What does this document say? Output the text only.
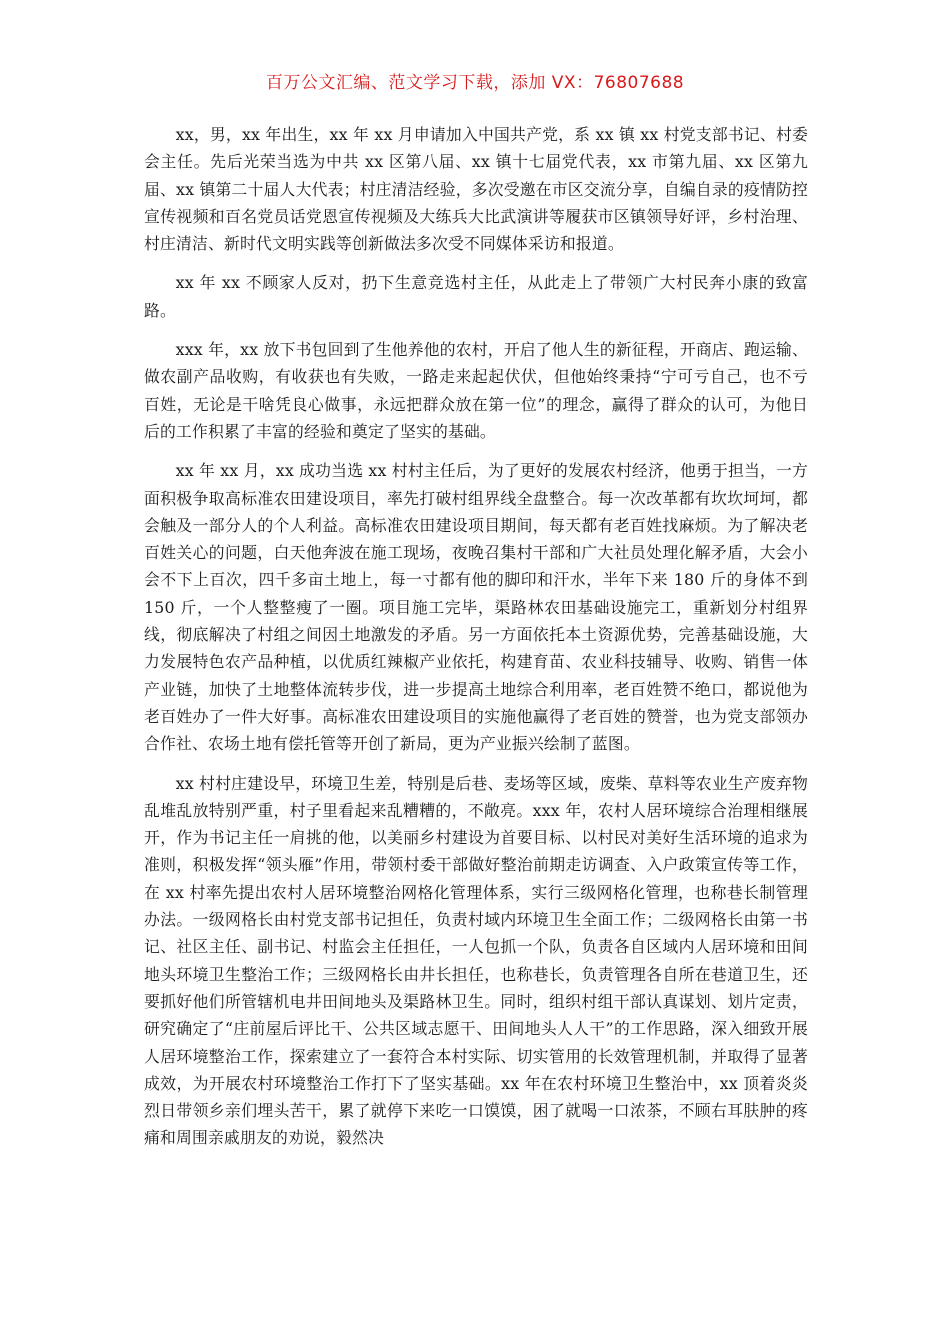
百万公文汇编、范文学习下载，添加 VX：76807688

xx，男，xx 年出生，xx 年 xx 月申请加入中国共产党，系 xx 镇 xx 村党支部书记、村委会主任。先后光荣当选为中共 xx 区第八届、xx 镇十七届党代表，xx 市第九届、xx 区第九届、xx 镇第二十届人大代表；村庄清洁经验，多次受邀在市区交流分享，自编自录的疫情防控宣传视频和百名党员话党恩宣传视频及大练兵大比武演讲等履获市区镇领导好评，乡村治理、村庄清洁、新时代文明实践等创新做法多次受不同媒体采访和报道。

xx 年 xx 不顾家人反对，扔下生意竞选村主任，从此走上了带领广大村民奔小康的致富路。

xxx 年，xx 放下书包回到了生他养他的农村，开启了他人生的新征程，开商店、跑运输、做农副产品收购，有收获也有失败，一路走来起起伏伏，但他始终秉持“宁可亏自己，也不亏百姓，无论是干啥凭良心做事，永远把群众放在第一位”的理念，赢得了群众的认可，为他日后的工作积累了丰富的经验和奠定了坚实的基础。

xx 年 xx 月，xx 成功当选 xx 村村主任后，为了更好的发展农村经济，他勇于担当，一方面积极争取高标准农田建设项目，率先打破村组界线全盘整合。每一次改革都有坎坎坷坷，都会触及一部分人的个人利益。高标准农田建设项目期间，每天都有老百姓找麻烦。为了解决老百姓关心的问题，白天他奔波在施工现场，夜晚召集村干部和广大社员处理化解矛盾，大会小会不下上百次，四千多亩土地上，每一寸都有他的脚印和汗水，半年下来 180 斤的身体不到 150 斤，一个人整整瘦了一圈。项目施工完毕，渠路林农田基础设施完工，重新划分村组界线，彻底解决了村组之间因土地激发的矛盾。另一方面依托本土资源优势，完善基础设施，大力发展特色农产品种植，以优质红辣椒产业依托，构建育苗、农业科技辅导、收购、销售一体产业链，加快了土地整体流转步伐，进一步提高土地综合利用率，老百姓赞不绝口，都说他为老百姓办了一件大好事。高标准农田建设项目的实施他赢得了老百姓的赞誉，也为党支部领办合作社、农场土地有偿托管等开创了新局，更为产业振兴绘制了蓝图。

xx 村村庄建设早，环境卫生差，特别是后巷、麦场等区域，废柴、草料等农业生产废弃物乱堆乱放特别严重，村子里看起来乱糟糟的，不敞亮。xxx 年，农村人居环境综合治理相继展开，作为书记主任一肩挑的他，以美丽乡村建设为首要目标、以村民对美好生活环境的追求为准则，积极发挥“领头雁”作用，带领村委干部做好整治前期走访调查、入户政策宣传等工作，在 xx 村率先提出农村人居环境整治网格化管理体系，实行三级网格化管理，也称巷长制管理办法。一级网格长由村党支部书记担任，负责村域内环境卫生全面工作；二级网格长由第一书记、社区主任、副书记、村监会主任担任，一人包抓一个队，负责各自区域内人居环境和田间地头环境卫生整治工作；三级网格长由井长担任，也称巷长，负责管理各自所在巷道卫生，还要抓好他们所管辖机电井田间地头及渠路林卫生。同时，组织村组干部认真谋划、划片定责，研究确定了“庄前屋后评比干、公共区域志愿干、田间地头人人干”的工作思路，深入细致开展人居环境整治工作，探索建立了一套符合本村实际、切实管用的长效管理机制，并取得了显著成效，为开展农村环境整治工作打下了坚实基础。xx 年在农村环境卫生整治中，xx 顶着炎炎烈日带领乡亲们埋头苦干，累了就停下来吃一口馍馍，困了就喝一口浓茶，不顾右耳肤肿的疼痛和周围亲戚朋友的劝说，毅然决
